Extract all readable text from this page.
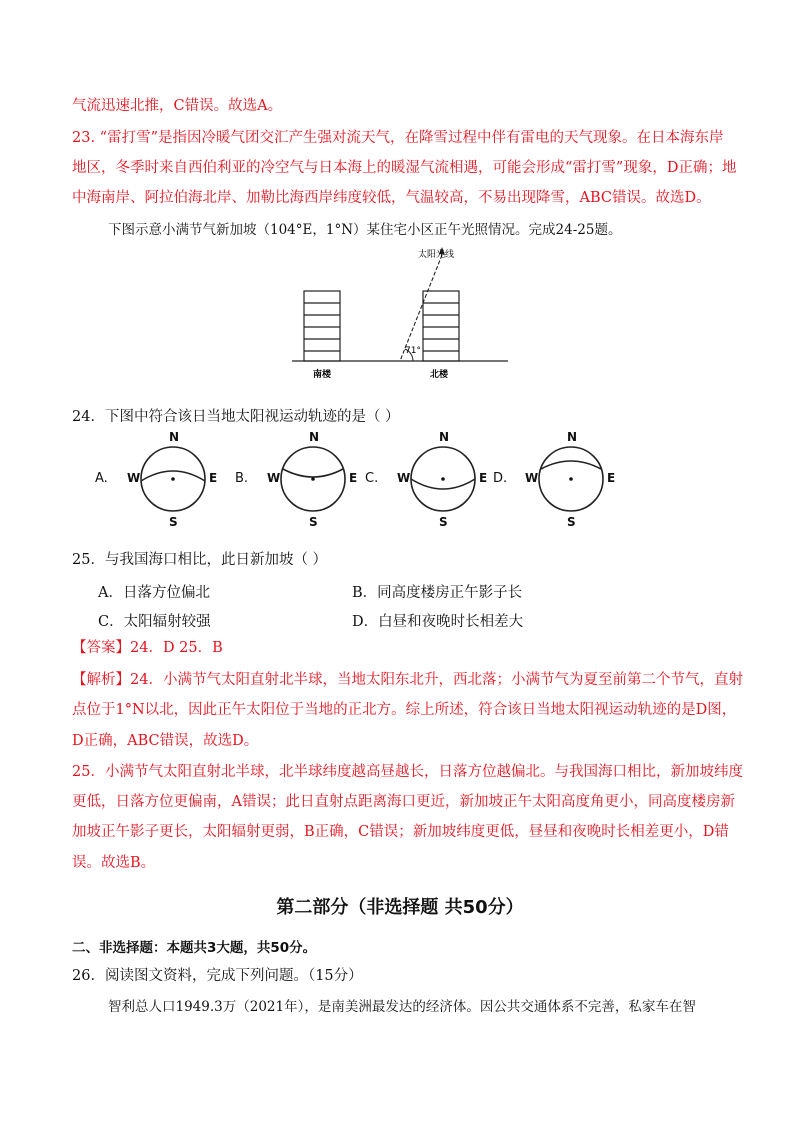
气流迅速北推，C错误。故选A。
23. “雷打雪”是指因冷暖气团交汇产生强对流天气，在降雪过程中伴有雷电的天气现象。在日本海东岸
地区，冬季时来自西伯利亚的冷空气与日本海上的暖湿气流相遇，可能会形成“雷打雪”现象，D正确；地
中海南岸、阿拉伯海北岸、加勒比海西岸纬度较低，气温较高，不易出现降雪，ABC错误。故选D。
下图示意小满节气新加坡（104°E，1°N）某住宅小区正午光照情况。完成24-25题。
太阳光线
71°
南楼	北楼
24．下图中符合该日当地太阳视运动轨迹的是（ ）
A.
N
S
W	E B.
N
S
W	E C.
N
S
W	E D.
N
S
W	E
25．与我国海口相比，此日新加坡（ ）
A．日落方位偏北	B．同高度楼房正午影子长
C．太阳辐射较强	D．白昼和夜晚时长相差大
【答案】24．D 25．B
【解析】24．小满节气太阳直射北半球，当地太阳东北升，西北落；小满节气为夏至前第二个节气，直射
点位于1°N以北，因此正午太阳位于当地的正北方。综上所述，符合该日当地太阳视运动轨迹的是D图，
D正确，ABC错误，故选D。
25．小满节气太阳直射北半球，北半球纬度越高昼越长，日落方位越偏北。与我国海口相比，新加坡纬度
更低，日落方位更偏南，A错误；此日直射点距离海口更近，新加坡正午太阳高度角更小，同高度楼房新
加坡正午影子更长，太阳辐射更弱，B正确，C错误；新加坡纬度更低，昼昼和夜晚时长相差更小，D错
误。故选B。
第二部分（非选择题 共50分）
二、非选择题：本题共3大题，共50分。
26．阅读图文资料，完成下列问题。（15分）
智利总人口1949.3万（2021年），是南美洲最发达的经济体。因公共交通体系不完善，私家车在智
